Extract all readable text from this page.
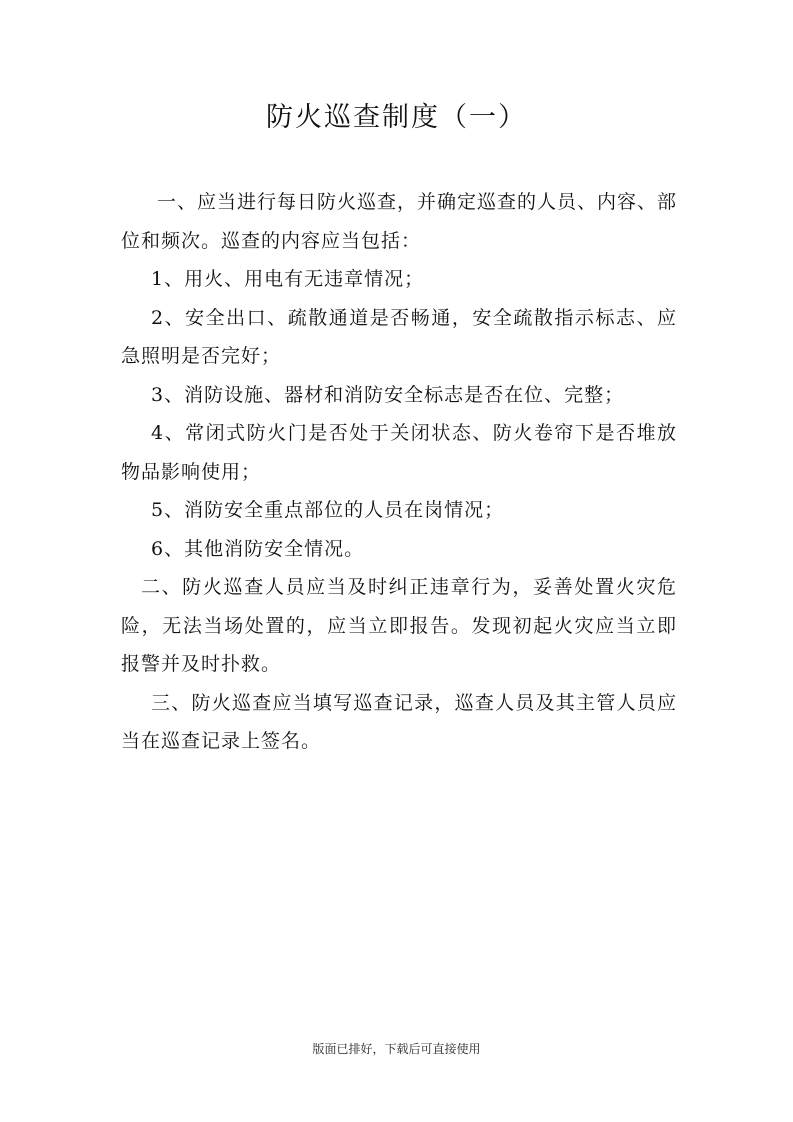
防火巡查制度（一）

一、应当进行每日防火巡查，并确定巡查的人员、内容、部位和频次。巡查的内容应当包括：

1、用火、用电有无违章情况；

2、安全出口、疏散通道是否畅通，安全疏散指示标志、应急照明是否完好；

3、消防设施、器材和消防安全标志是否在位、完整；

4、常闭式防火门是否处于关闭状态、防火卷帘下是否堆放物品影响使用；

5、消防安全重点部位的人员在岗情况；

6、其他消防安全情况。

二、防火巡查人员应当及时纠正违章行为，妥善处置火灾危险，无法当场处置的，应当立即报告。发现初起火灾应当立即报警并及时扑救。

三、防火巡查应当填写巡查记录，巡查人员及其主管人员应当在巡查记录上签名。

版面已排好，下载后可直接使用
